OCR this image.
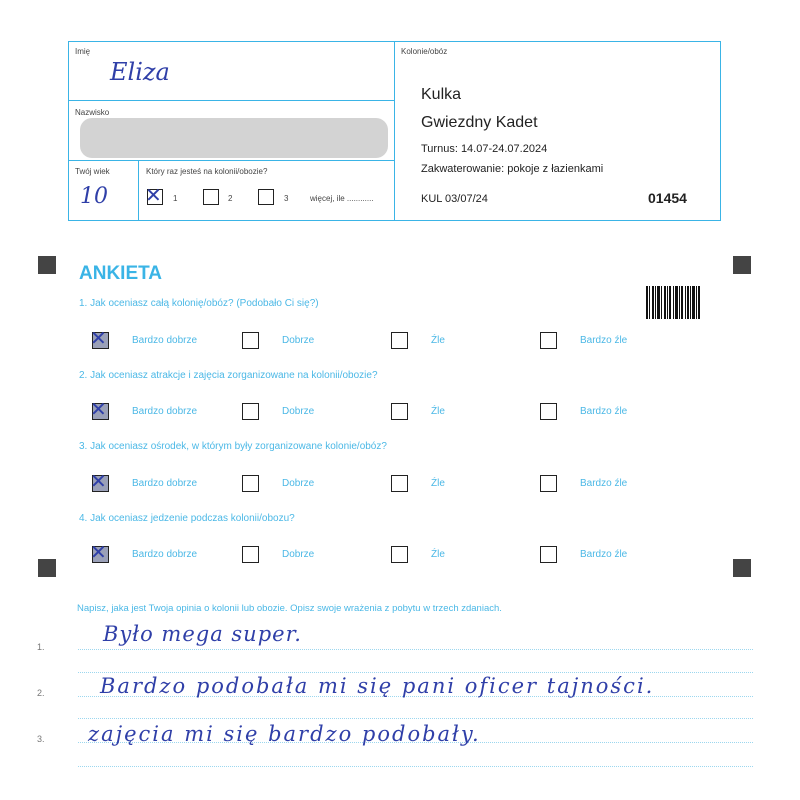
Imię
Eliza
Nazwisko
Twój wiek
10
Który raz jesteś na kolonii/obozie?
✕ 1	2	3	więcej, ile ............
Kolonie/obóz
Kulka
Gwiezdny Kadet
Turnus: 14.07-24.07.2024
Zakwaterowanie: pokoje z łazienkami
KUL 03/07/24	01454
ANKIETA
1. Jak oceniasz całą kolonię/obóz? (Podobało Ci się?)
2. Jak oceniasz atrakcje i zajęcia zorganizowane na kolonii/obozie?
3. Jak oceniasz ośrodek, w którym były zorganizowane kolonie/obóz?
4. Jak oceniasz jedzenie podczas kolonii/obozu?
✕	Bardzo dobrze	Dobrze	Źle	Bardzo źle
✕	Bardzo dobrze	Dobrze	Źle	Bardzo źle
✕	Bardzo dobrze	Dobrze	Źle	Bardzo źle
✕	Bardzo dobrze	Dobrze	Źle	Bardzo źle
Napisz, jaka jest Twoja opinia o kolonii lub obozie. Opisz swoje wrażenia z pobytu w trzech zdaniach.
1.
2.
3.
Było mega super.
Bardzo podobała mi się pani oficer tajności.
zajęcia mi się bardzo podobały.
